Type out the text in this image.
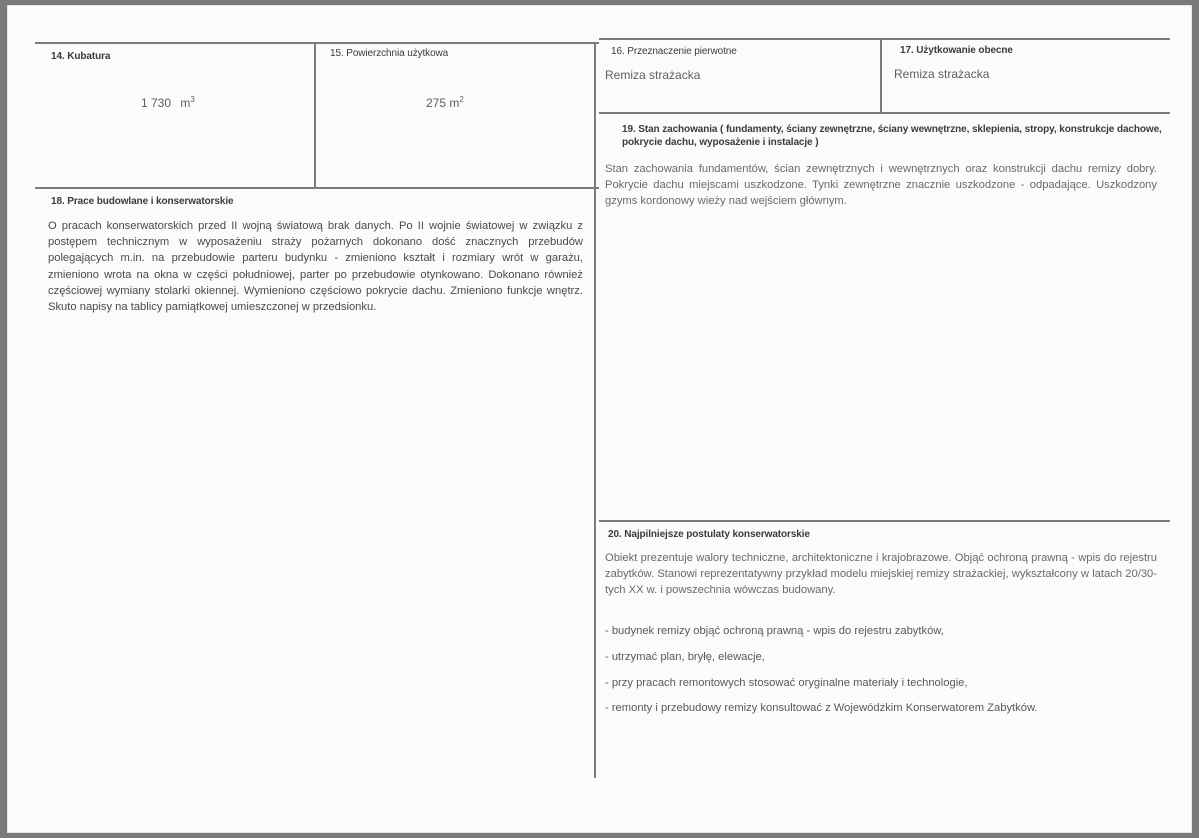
14. Kubatura
1 730 $m^3$
15. Powierzchnia użytkowa
275 $m^2$
16. Przeznaczenie pierwotne
Remiza strażacka
17. Użytkowanie obecne
Remiza strażacka
18. Prace budowlane i konserwatorskie

O pracach konserwatorskich przed II wojną światową brak danych. Po II wojnie światowej w związku z postępem technicznym w wyposażeniu straży pożarnych dokonano dość znacznych przebudów polegających m.in. na przebudowie parteru budynku - zmieniono kształt i rozmiary wrót w garażu, zmieniono wrota na okna w części południowej, parter po przebudowie otynkowano. Dokonano również częściowej wymiany stolarki okiennej. Wymieniono częściowo pokrycie dachu. Zmieniono funkcje wnętrz. Skuto napisy na tablicy pamiątkowej umieszczonej w przedsionku.

19. Stan zachowania ( fundamenty, ściany zewnętrzne, ściany wewnętrzne, sklepienia, stropy, konstrukcje dachowe, pokrycie dachu, wyposażenie i instalacje )

Stan zachowania fundamentów, ścian zewnętrznych i wewnętrznych oraz konstrukcji dachu remizy dobry. Pokrycie dachu miejscami uszkodzone. Tynki zewnętrzne znacznie uszkodzone - odpadające. Uszkodzony gzyms kordonowy wieży nad wejściem głównym.

20. Najpilniejsze postulaty konserwatorskie

Obiekt prezentuje walory techniczne, architektoniczne i krajobrazowe. Objąć ochroną prawną - wpis do rejestru zabytków. Stanowi reprezentatywny przykład modelu miejskiej remizy strażackiej, wykształcony w latach 20/30-tych XX w. i powszechnia wówczas budowany.

- budynek remizy objąć ochroną prawną - wpis do rejestru zabytków,

- utrzymać plan, bryłę, elewacje,

- przy pracach remontowych stosować oryginalne materiały i technologie,

- remonty i przebudowy remizy konsultować z Wojewódzkim Konserwatorem Zabytków.
